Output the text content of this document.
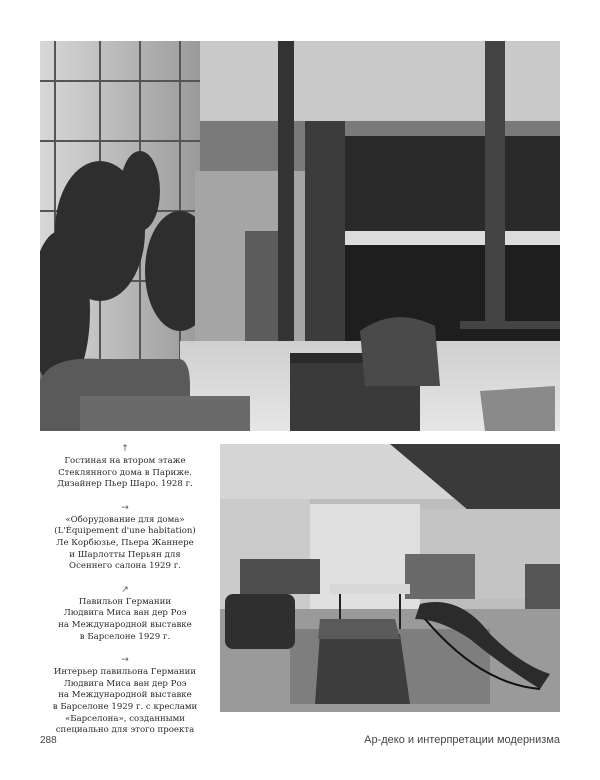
↑
Гостиная на втором этаже
Стеклянного дома в Париже.
Дизайнер Пьер Шаро. 1928 г.
→
«Оборудование для дома»
(L'Équipement d'une habitation)
Ле Корбюзье, Пьера Жаннере
и Шарлотты Перьян для
Осеннего салона 1929 г.
↗
Павильон Германии
Людвига Миса ван дер Роэ
на Международной выставке
в Барселоне 1929 г.
→
Интерьер павильона Германии
Людвига Миса ван дер Роэ
на Международной выставке
в Барселоне 1929 г. с креслами
«Барселона», созданными
специально для этого проекта
288	Ар-деко и интерпретации модернизма
